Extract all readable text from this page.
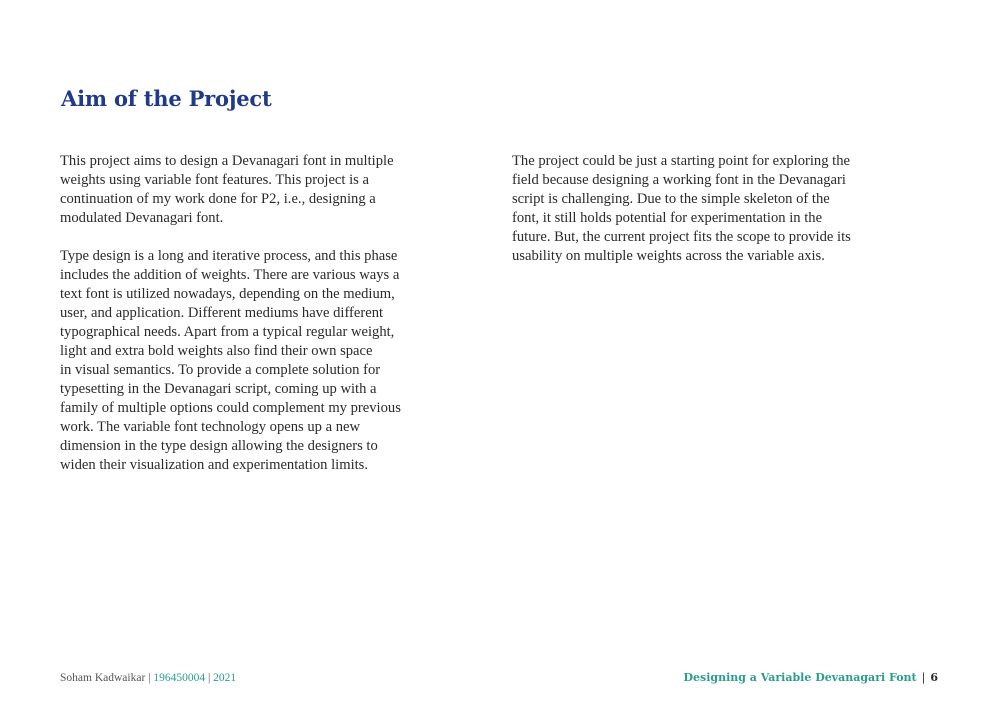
Aim of the Project

This project aims to design a Devanagari font in multiple
weights using variable font features. This project is a
continuation of my work done for P2, i.e., designing a
modulated Devanagari font.

Type design is a long and iterative process, and this phase
includes the addition of weights. There are various ways a
text font is utilized nowadays, depending on the medium,
user, and application. Different mediums have different
typographical needs. Apart from a typical regular weight,
light and extra bold weights also find their own space
in visual semantics. To provide a complete solution for
typesetting in the Devanagari script, coming up with a
family of multiple options could complement my previous
work. The variable font technology opens up a new
dimension in the type design allowing the designers to
widen their visualization and experimentation limits.

The project could be just a starting point for exploring the
field because designing a working font in the Devanagari
script is challenging. Due to the simple skeleton of the
font, it still holds potential for experimentation in the
future. But, the current project fits the scope to provide its
usability on multiple weights across the variable axis.

Soham Kadwaikar | 196450004 | 2021	Designing a Variable Devanagari Font | 6
